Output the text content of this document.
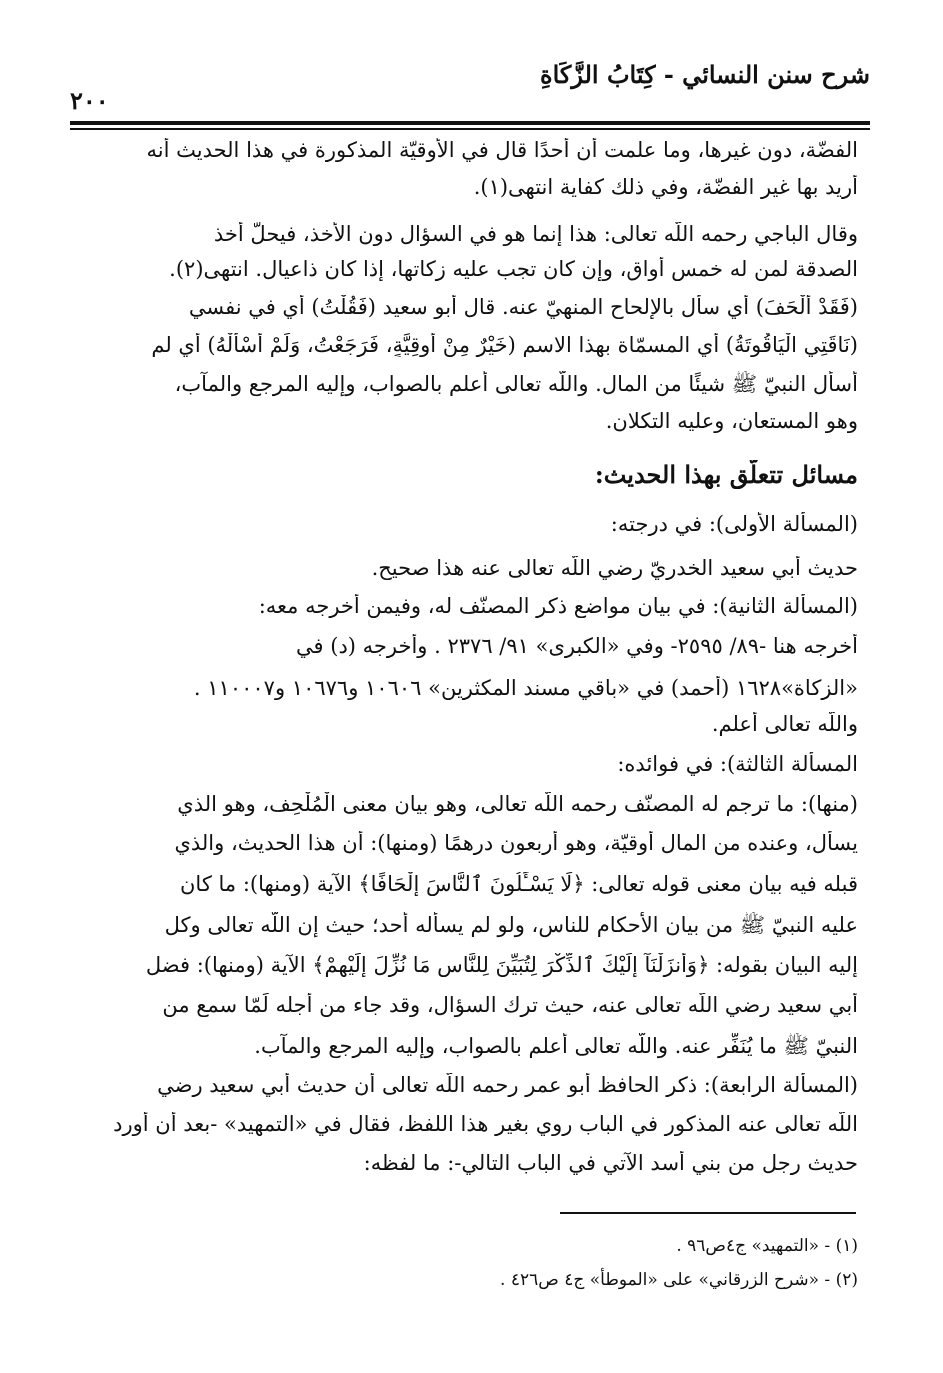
شرح سنن النسائي - كِتَابُ الزَّكَاةِ
٢٠٠
الفضّة، دون غيرها، وما علمت أن أحدًا قال في الأوقيّة المذكورة في هذا الحديث أنه
أريد بها غير الفضّة، وفي ذلك كفاية انتهى(١).
وقال الباجي رحمه اللَّه تعالى: هذا إنما هو في السؤال دون الأخذ، فيحلّ أخذ
الصدقة لمن له خمس أواق، وإن كان تجب عليه زكاتها، إذا كان ذاعيال. انتهى(٢).
(فَقَدْ أَلْحَفَ) أي سأل بالإلحاح المنهيّ عنه. قال أبو سعيد (فَقُلْتُ) أي في نفسي
(نَاقَتِي الْيَاقُوتَةُ) أي المسمّاة بهذا الاسم (خَيْرٌ مِنْ أُوقِيَّةٍ، فَرَجَعْتُ، وَلَمْ أَسْأَلْهُ) أي لم
أسأل النبيّ ﷺ شيئًا من المال. واللَّه تعالى أعلم بالصواب، وإليه المرجع والمآب،
وهو المستعان، وعليه التكلان.
مسائل تتعلّق بهذا الحديث:
(المسألة الأولى): في درجته:
حديث أبي سعيد الخدريّ رضي اللَّه تعالى عنه هذا صحيح.
(المسألة الثانية): في بيان مواضع ذكر المصنّف له، وفيمن أخرجه معه:
أخرجه هنا -٨٩/ ٢٥٩٥- وفي «الكبرى» ٩١/ ٢٣٧٦ . وأخرجه (د) في
«الزكاة»١٦٢٨ (أحمد) في «باقي مسند المكثرين» ١٠٦٠٦ و١٠٦٧٦ و١١٠٠٠٧ .
واللَّه تعالى أعلم.
المسألة الثالثة): في فوائده:
(منها): ما ترجم له المصنّف رحمه اللَّه تعالى، وهو بيان معنى الْمُلْحِف، وهو الذي
يسأل، وعنده من المال أوقيّة، وهو أربعون درهمًا (ومنها): أن هذا الحديث، والذي
قبله فيه بيان معنى قوله تعالى: ﴿لَا يَسْـَٔلُونَ ٱلنَّاسَ إِلْحَافًا﴾ الآية (ومنها): ما كان
عليه النبيّ ﷺ من بيان الأحكام للناس، ولو لم يسأله أحد؛ حيث إن اللَّه تعالى وكل
إليه البيان بقوله: ﴿وَأَنزَلْنَآ إِلَيْكَ ٱلذِّكْرَ لِتُبَيِّنَ لِلنَّاسِ مَا نُزِّلَ إِلَيْهِمْ﴾ الآية (ومنها): فضل
أبي سعيد رضي اللَّه تعالى عنه، حيث ترك السؤال، وقد جاء من أجله لَمّا سمع من
النبيّ ﷺ ما يُنَفِّر عنه. واللَّه تعالى أعلم بالصواب، وإليه المرجع والمآب.
(المسألة الرابعة): ذكر الحافظ أبو عمر رحمه اللَّه تعالى أن حديث أبي سعيد رضي
اللَّه تعالى عنه المذكور في الباب روي بغير هذا اللفظ، فقال في «التمهيد» -بعد أن أورد
حديث رجل من بني أسد الآتي في الباب التالي-: ما لفظه:
(١) - «التمهيد» ج٤ص٩٦ .
(٢) - «شرح الزرقاني» على «الموطأ» ج٤ ص٤٢٦ .
